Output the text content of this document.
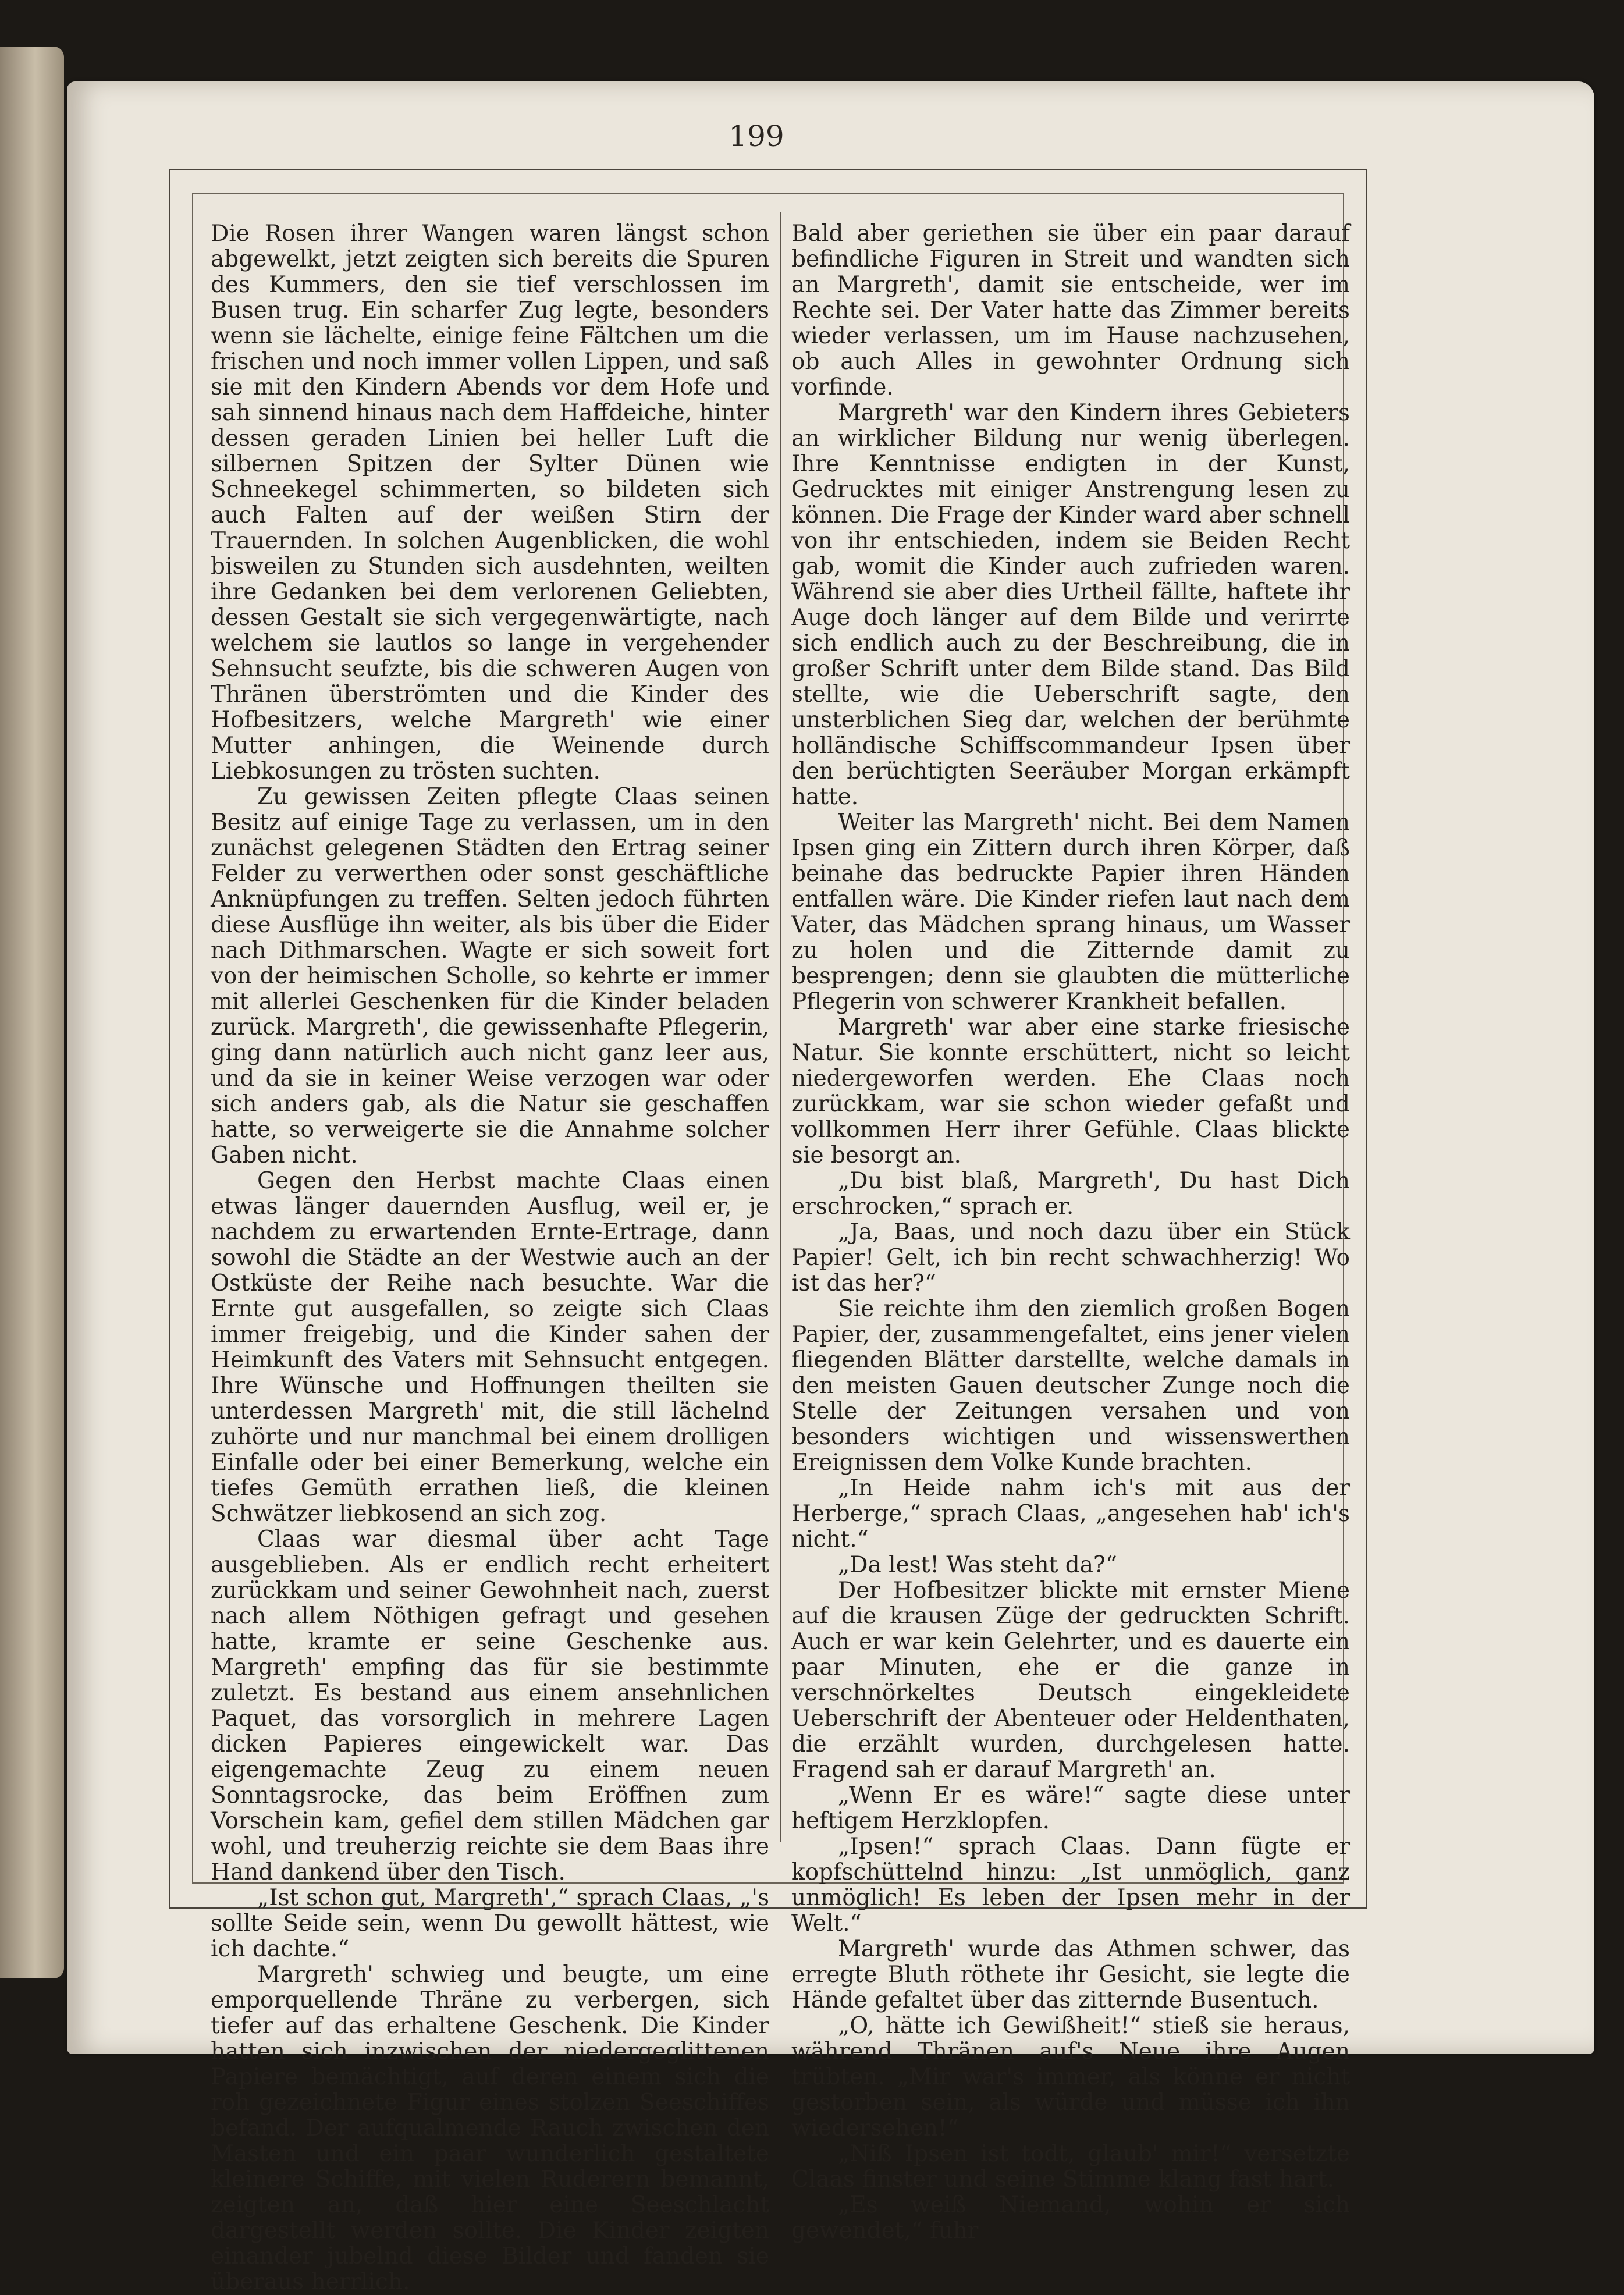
199

Die Rosen ihrer Wangen waren längst schon abgewelkt, jetzt zeigten sich bereits die Spuren des Kummers, den sie tief verschlossen im Busen trug. Ein scharfer Zug legte, besonders wenn sie lächelte, einige feine Fältchen um die frischen und noch immer vollen Lippen, und saß sie mit den Kindern Abends vor dem Hofe und sah sinnend hinaus nach dem Haffdeiche, hinter dessen geraden Linien bei heller Luft die silbernen Spitzen der Sylter Dünen wie Schneekegel schimmerten, so bildeten sich auch Falten auf der weißen Stirn der Trauernden. In solchen Augenblicken, die wohl bisweilen zu Stunden sich ausdehnten, weilten ihre Gedanken bei dem verlorenen Geliebten, dessen Gestalt sie sich vergegenwärtigte, nach welchem sie lautlos so lange in vergehender Sehnsucht seufzte, bis die schweren Augen von Thränen überströmten und die Kinder des Hofbesitzers, welche Margreth' wie einer Mutter anhingen, die Weinende durch Liebkosungen zu trösten suchten.

Zu gewissen Zeiten pflegte Claas seinen Besitz auf einige Tage zu verlassen, um in den zunächst gelegenen Städten den Ertrag seiner Felder zu verwerthen oder sonst geschäftliche Anknüpfungen zu treffen. Selten jedoch führten diese Ausflüge ihn weiter, als bis über die Eider nach Dithmarschen. Wagte er sich soweit fort von der heimischen Scholle, so kehrte er immer mit allerlei Geschenken für die Kinder beladen zurück. Margreth', die gewissenhafte Pflegerin, ging dann natürlich auch nicht ganz leer aus, und da sie in keiner Weise verzogen war oder sich anders gab, als die Natur sie geschaffen hatte, so verweigerte sie die Annahme solcher Gaben nicht.

Gegen den Herbst machte Claas einen etwas länger dauernden Ausflug, weil er, je nachdem zu erwartenden Ernte-Ertrage, dann sowohl die Städte an der Westwie auch an der Ostküste der Reihe nach besuchte. War die Ernte gut ausgefallen, so zeigte sich Claas immer freigebig, und die Kinder sahen der Heimkunft des Vaters mit Sehnsucht entgegen. Ihre Wünsche und Hoffnungen theilten sie unterdessen Margreth' mit, die still lächelnd zuhörte und nur manchmal bei einem drolligen Einfalle oder bei einer Bemerkung, welche ein tiefes Gemüth errathen ließ, die kleinen Schwätzer liebkosend an sich zog.

Claas war diesmal über acht Tage ausgeblieben. Als er endlich recht erheitert zurückkam und seiner Gewohnheit nach, zuerst nach allem Nöthigen gefragt und gesehen hatte, kramte er seine Geschenke aus. Margreth' empfing das für sie bestimmte zuletzt. Es bestand aus einem ansehnlichen Paquet, das vorsorglich in mehrere Lagen dicken Papieres eingewickelt war. Das eigengemachte Zeug zu einem neuen Sonntagsrocke, das beim Eröffnen zum Vorschein kam, gefiel dem stillen Mädchen gar wohl, und treuherzig reichte sie dem Baas ihre Hand dankend über den Tisch.

„Ist schon gut, Margreth',“ sprach Claas, „'s sollte Seide sein, wenn Du gewollt hättest, wie ich dachte.“

Margreth' schwieg und beugte, um eine emporquellende Thräne zu verbergen, sich tiefer auf das erhaltene Geschenk. Die Kinder hatten sich inzwischen der niedergeglittenen Papiere bemächtigt, auf deren einem sich die roh gezeichnete Figur eines stolzen Seeschiffes befand. Der aufqualmende Rauch zwischen den Masten und ein paar wunderlich gestaltete kleinere Schiffe, mit vielen Ruderern bemannt, zeigten an, daß hier eine Seeschlacht dargestellt werden sollte. Die Kinder zeigten einander jubelnd diese Bilder und fanden sie überaus herrlich.

Bald aber geriethen sie über ein paar darauf befindliche Figuren in Streit und wandten sich an Margreth', damit sie entscheide, wer im Rechte sei. Der Vater hatte das Zimmer bereits wieder verlassen, um im Hause nachzusehen, ob auch Alles in gewohnter Ordnung sich vorfinde.

Margreth' war den Kindern ihres Gebieters an wirklicher Bildung nur wenig überlegen. Ihre Kenntnisse endigten in der Kunst, Gedrucktes mit einiger Anstrengung lesen zu können. Die Frage der Kinder ward aber schnell von ihr entschieden, indem sie Beiden Recht gab, womit die Kinder auch zufrieden waren. Während sie aber dies Urtheil fällte, haftete ihr Auge doch länger auf dem Bilde und verirrte sich endlich auch zu der Beschreibung, die in großer Schrift unter dem Bilde stand. Das Bild stellte, wie die Ueberschrift sagte, den unsterblichen Sieg dar, welchen der berühmte holländische Schiffscommandeur Ipsen über den berüchtigten Seeräuber Morgan erkämpft hatte.

Weiter las Margreth' nicht. Bei dem Namen Ipsen ging ein Zittern durch ihren Körper, daß beinahe das bedruckte Papier ihren Händen entfallen wäre. Die Kinder riefen laut nach dem Vater, das Mädchen sprang hinaus, um Wasser zu holen und die Zitternde damit zu besprengen; denn sie glaubten die mütterliche Pflegerin von schwerer Krankheit befallen.

Margreth' war aber eine starke friesische Natur. Sie konnte erschüttert, nicht so leicht niedergeworfen werden. Ehe Claas noch zurückkam, war sie schon wieder gefaßt und vollkommen Herr ihrer Gefühle. Claas blickte sie besorgt an.

„Du bist blaß, Margreth', Du hast Dich erschrocken,“ sprach er.

„Ja, Baas, und noch dazu über ein Stück Papier! Gelt, ich bin recht schwachherzig! Wo ist das her?“

Sie reichte ihm den ziemlich großen Bogen Papier, der, zusammengefaltet, eins jener vielen fliegenden Blätter darstellte, welche damals in den meisten Gauen deutscher Zunge noch die Stelle der Zeitungen versahen und von besonders wichtigen und wissenswerthen Ereignissen dem Volke Kunde brachten.

„In Heide nahm ich's mit aus der Herberge,“ sprach Claas, „angesehen hab' ich's nicht.“

„Da lest! Was steht da?“

Der Hofbesitzer blickte mit ernster Miene auf die krausen Züge der gedruckten Schrift. Auch er war kein Gelehrter, und es dauerte ein paar Minuten, ehe er die ganze in verschnörkeltes Deutsch eingekleidete Ueberschrift der Abenteuer oder Heldenthaten, die erzählt wurden, durchgelesen hatte. Fragend sah er darauf Margreth' an.

„Wenn Er es wäre!“ sagte diese unter heftigem Herzklopfen.

„Ipsen!“ sprach Claas. Dann fügte er kopfschüttelnd hinzu: „Ist unmöglich, ganz unmöglich! Es leben der Ipsen mehr in der Welt.“

Margreth' wurde das Athmen schwer, das erregte Bluth röthete ihr Gesicht, sie legte die Hände gefaltet über das zitternde Busentuch.

„O, hätte ich Gewißheit!“ stieß sie heraus, während Thränen auf's Neue ihre Augen trübten. „Mir war's immer, als könne er nicht gestorben sein, als würde und müsse ich ihn wiedersehen!“

„Niß Ipsen ist todt, glaub' mir!“ versetzte Claas finster und seine Stimme klang fast hart.

„Es weiß Niemand, wohin er sich gewendet,“ fuhr
